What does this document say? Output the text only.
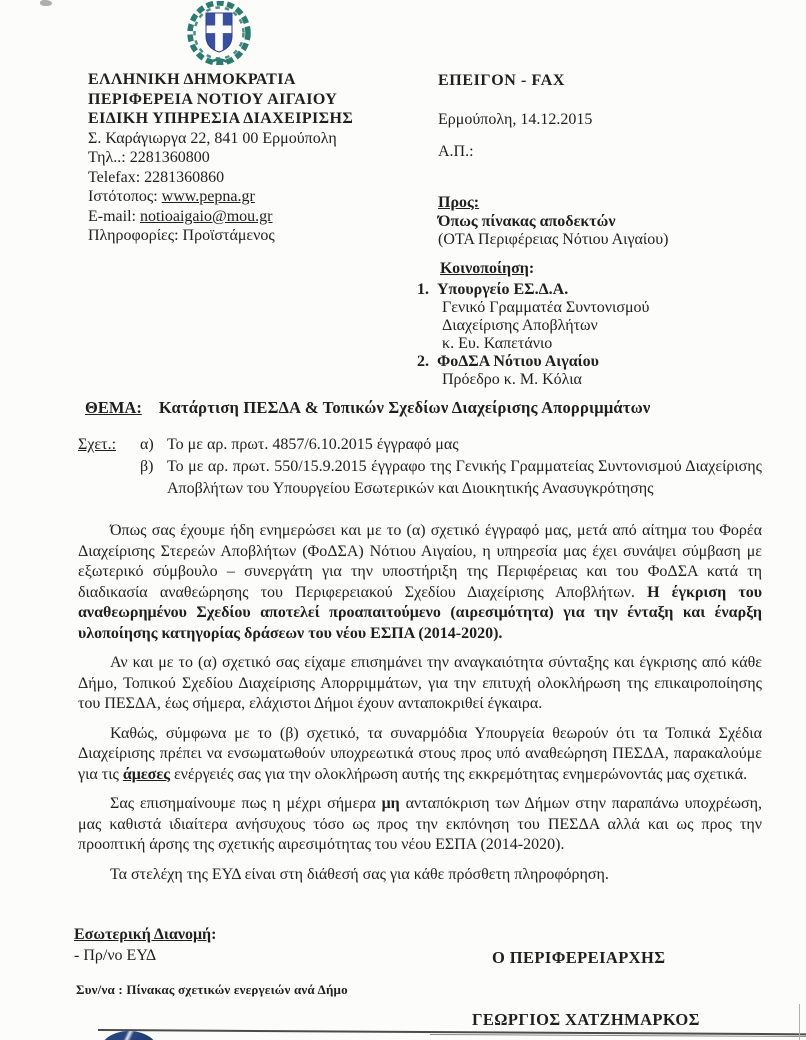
ΕΛΛΗΝΙΚΗ ΔΗΜΟΚΡΑΤΙΑ
ΠΕΡΙΦΕΡΕΙΑ ΝΟΤΙΟΥ ΑΙΓΑΙΟΥ
ΕΙΔΙΚΗ ΥΠΗΡΕΣΙΑ ΔΙΑΧΕΙΡΙΣΗΣ
Σ. Καράγιωργα 22, 841 00 Ερμούπολη
Τηλ..: 2281360800
Telefax: 2281360860
Ιστότοπος: www.pepna.gr
E-mail: notioaigaio@mou.gr
Πληροφορίες: Προϊστάμενος
ΕΠΕΙΓΟΝ - FAX
Ερμούπολη, 14.12.2015
Α.Π.:
Προς:
Όπως πίνακας αποδεκτών
(ΟΤΑ Περιφέρειας Νότιου Αιγαίου)
Κοινοποίηση:
1. Υπουργείο ΕΣ.Δ.Α.
Γενικό Γραμματέα Συντονισμού
Διαχείρισης Αποβλήτων
κ. Ευ. Καπετάνιο
2. ΦοΔΣΑ Νότιου Αιγαίου
Πρόεδρο κ. Μ. Κόλια
ΘΕΜΑ: Κατάρτιση ΠΕΣΔΑ & Τοπικών Σχεδίων Διαχείρισης Απορριμμάτων
Σχετ.: α) Το με αρ. πρωτ. 4857/6.10.2015 έγγραφό μας
β) Το με αρ. πρωτ. 550/15.9.2015 έγγραφο της Γενικής Γραμματείας Συντονισμού Διαχείρισης Αποβλήτων του Υπουργείου Εσωτερικών και Διοικητικής Ανασυγκρότησης

Όπως σας έχουμε ήδη ενημερώσει και με το (α) σχετικό έγγραφό μας, μετά από αίτημα του Φορέα Διαχείρισης Στερεών Αποβλήτων (ΦοΔΣΑ) Νότιου Αιγαίου, η υπηρεσία μας έχει συνάψει σύμβαση με εξωτερικό σύμβουλο – συνεργάτη για την υποστήριξη της Περιφέρειας και του ΦοΔΣΑ κατά τη διαδικασία αναθεώρησης του Περιφερειακού Σχεδίου Διαχείρισης Αποβλήτων. Η έγκριση του αναθεωρημένου Σχεδίου αποτελεί προαπαιτούμενο (αιρεσιμότητα) για την ένταξη και έναρξη υλοποίησης κατηγορίας δράσεων του νέου ΕΣΠΑ (2014-2020).

Αν και με το (α) σχετικό σας είχαμε επισημάνει την αναγκαιότητα σύνταξης και έγκρισης από κάθε Δήμο, Τοπικού Σχεδίου Διαχείρισης Απορριμμάτων, για την επιτυχή ολοκλήρωση της επικαιροποίησης του ΠΕΣΔΑ, έως σήμερα, ελάχιστοι Δήμοι έχουν ανταποκριθεί έγκαιρα.

Καθώς, σύμφωνα με το (β) σχετικό, τα συναρμόδια Υπουργεία θεωρούν ότι τα Τοπικά Σχέδια Διαχείρισης πρέπει να ενσωματωθούν υποχρεωτικά στους προς υπό αναθεώρηση ΠΕΣΔΑ, παρακαλούμε για τις άμεσες ενέργειές σας για την ολοκλήρωση αυτής της εκκρεμότητας ενημερώνοντάς μας σχετικά.

Σας επισημαίνουμε πως η μέχρι σήμερα μη ανταπόκριση των Δήμων στην παραπάνω υποχρέωση, μας καθιστά ιδιαίτερα ανήσυχους τόσο ως προς την εκπόνηση του ΠΕΣΔΑ αλλά και ως προς την προοπτική άρσης της σχετικής αιρεσιμότητας του νέου ΕΣΠΑ (2014-2020).

Τα στελέχη της ΕΥΔ είναι στη διάθεσή σας για κάθε πρόσθετη πληροφόρηση.

Εσωτερική Διανομή:
- Πρ/νο ΕΥΔ	Ο ΠΕΡΙΦΕΡΕΙΑΡΧΗΣ
Συν/να : Πίνακας σχετικών ενεργειών ανά Δήμο
ΓΕΩΡΓΙΟΣ ΧΑΤΖΗΜΑΡΚΟΣ
